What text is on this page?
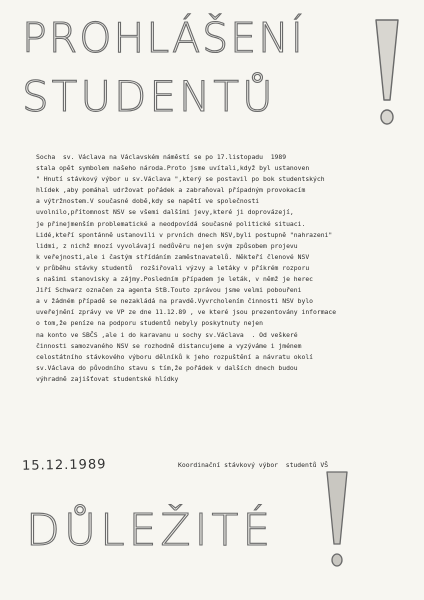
PROHLÁŠENÍ
STUDENTŮ
Socha  sv. Václava na Václavském náměstí se po 17.listopadu  1989
stala opět symbolem našeho národa.Proto jsme uvítali,když byl ustanoven
" Hnutí stávkový výbor u sv.Václava ",který se postavil po bok studentských
hlídek ,aby pomáhal udržovat pořádek a zabraňoval případným provokacím
a výtržnostem.V současné době,kdy se napětí ve společnosti
uvolnilo,přítomnost NSV se všemi dalšími jevy,které ji doprovázejí,
je přinejmenším problematické a neodpovídá současné politické situaci.
Lidé,kteří spontánně ustanovili v prvních dnech NSV,byli postupně "nahrazeni"
lidmi, z nichž mnozí vyvolávají nedůvěru nejen svým způsobem projevu
k veřejnosti,ale i častým střídáním zaměstnavatelů. Někteří členové NSV
v průběhu stávky studentů  rozšiřovali výzvy a letáky v příkrém rozporu
s našimi stanovisky a zájmy.Posledním případem je leták, v němž je herec
Jiří Schwarz označen za agenta StB.Touto zprávou jsme velmi pobouřeni
a v žádném případě se nezakládá na pravdě.Vyvrcholením činnosti NSV bylo
uveřejnění zprávy ve VP ze dne 11.12.89 , ve které jsou prezentovány informace
o tom,že peníze na podporu studentů nebyly poskytnuty nejen
na konto ve SBČS ,ale i do karavanu u sochy sv.Václava  . Od veškeré
činnosti samozvaného NSV se rozhodně distancujeme a vyzýváme i jménem
celostátního stávkového výboru dělníků k jeho rozpuštění a návratu okolí
sv.Václava do původního stavu s tím,že pořádek v dalších dnech budou
výhradně zajišťovat studentské hlídky
15.12.1989	Koordinační stávkový výbor  studentů VŠ
DŮLEŽITÉ
